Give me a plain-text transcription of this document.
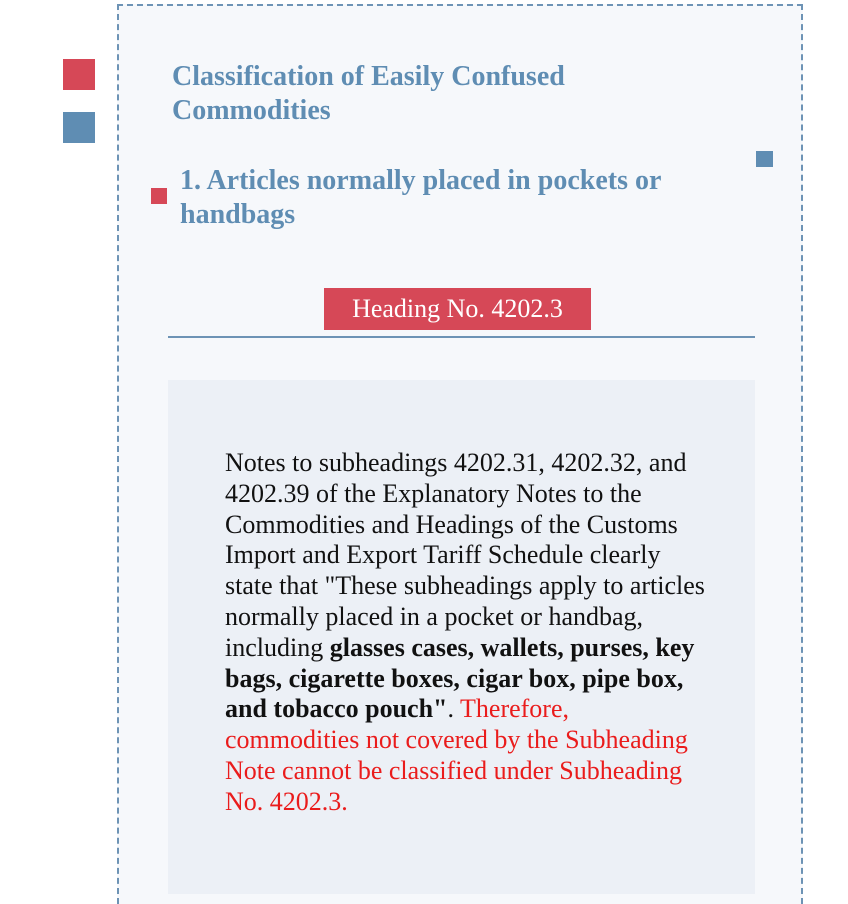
Classification of Easily Confused Commodities
1. Articles normally placed in pockets or handbags
Heading No. 4202.3

Notes to subheadings 4202.31, 4202.32, and 4202.39 of the Explanatory Notes to the Commodities and Headings of the Customs Import and Export Tariff Schedule clearly state that "These subheadings apply to articles normally placed in a pocket or handbag, including glasses cases, wallets, purses, key bags, cigarette boxes, cigar box, pipe box, and tobacco pouch". Therefore, commodities not covered by the Subheading Note cannot be classified under Subheading No. 4202.3.
